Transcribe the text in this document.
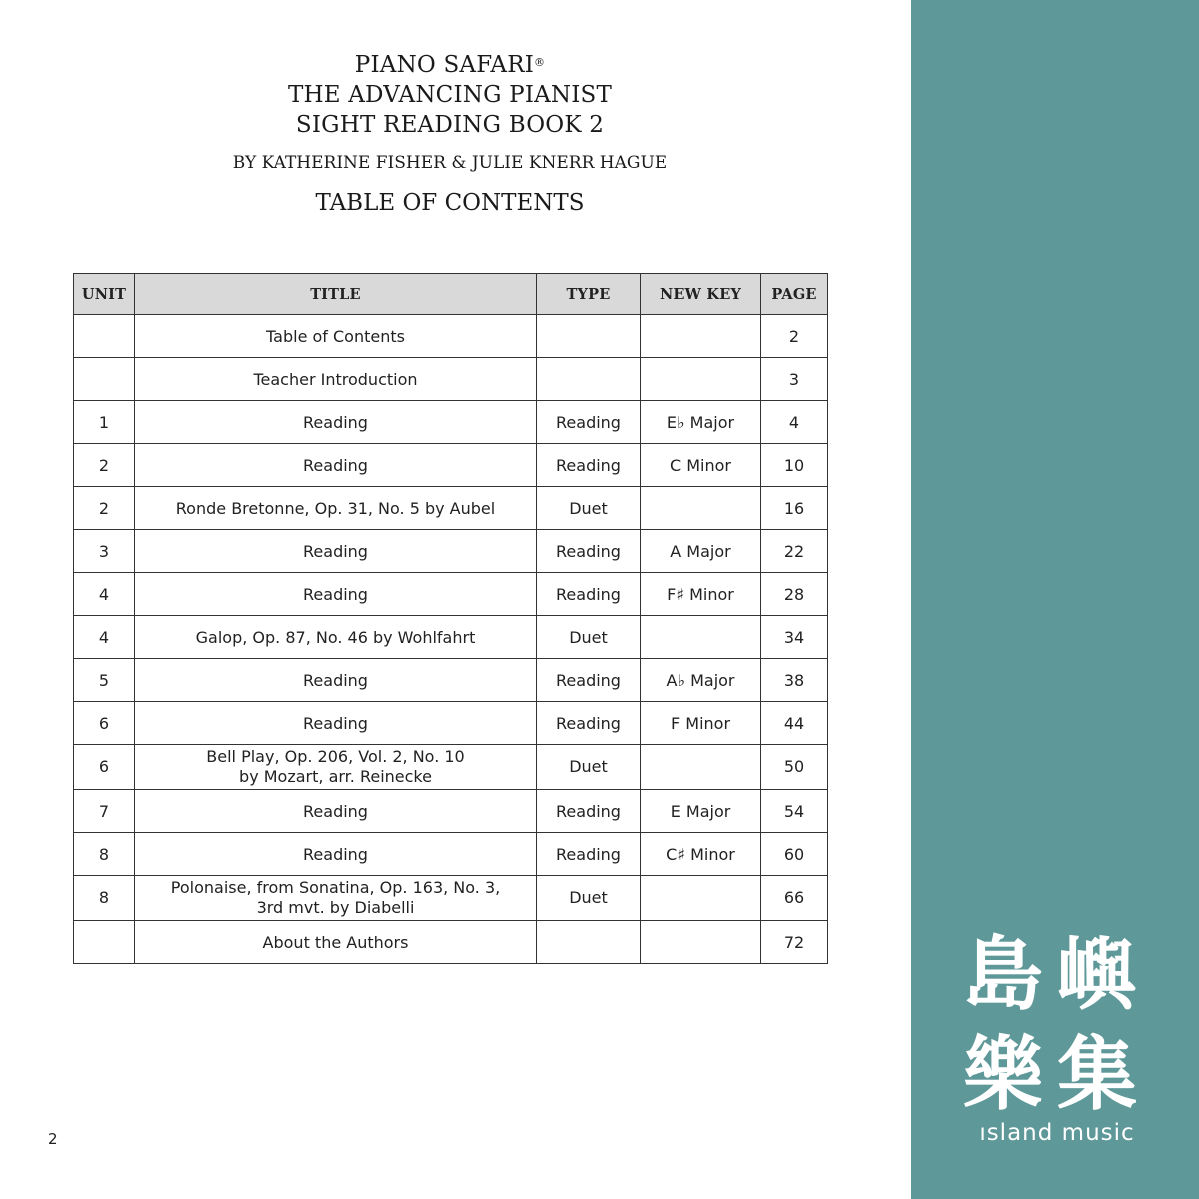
PIANO SAFARI®
THE ADVANCING PIANIST
SIGHT READING BOOK 2
BY KATHERINE FISHER & JULIE KNERR HAGUE
TABLE OF CONTENTS
UNIT	TITLE	TYPE	NEW KEY	PAGE

	Table of Contents			2

	Teacher Introduction			3
1	Reading	Reading	E♭ Major	4
2	Reading	Reading	C Minor	10
2	Ronde Bretonne, Op. 31, No. 5 by Aubel	Duet		16
3	Reading	Reading	A Major	22
4	Reading	Reading	F♯ Minor	28
4	Galop, Op. 87, No. 46 by Wohlfahrt	Duet		34
5	Reading	Reading	A♭ Major	38
6	Reading	Reading	F Minor	44
6	Bell Play, Op. 206, Vol. 2, No. 10
by Mozart, arr. Reinecke	Duet		50
7	Reading	Reading	E Major	54
8	Reading	Reading	C♯ Minor	60
8	Polonaise, from Sonatina, Op. 163, No. 3,
3rd mvt. by Diabelli	Duet		66

	About the Authors			72 島嶼
樂集
ısland music
2
